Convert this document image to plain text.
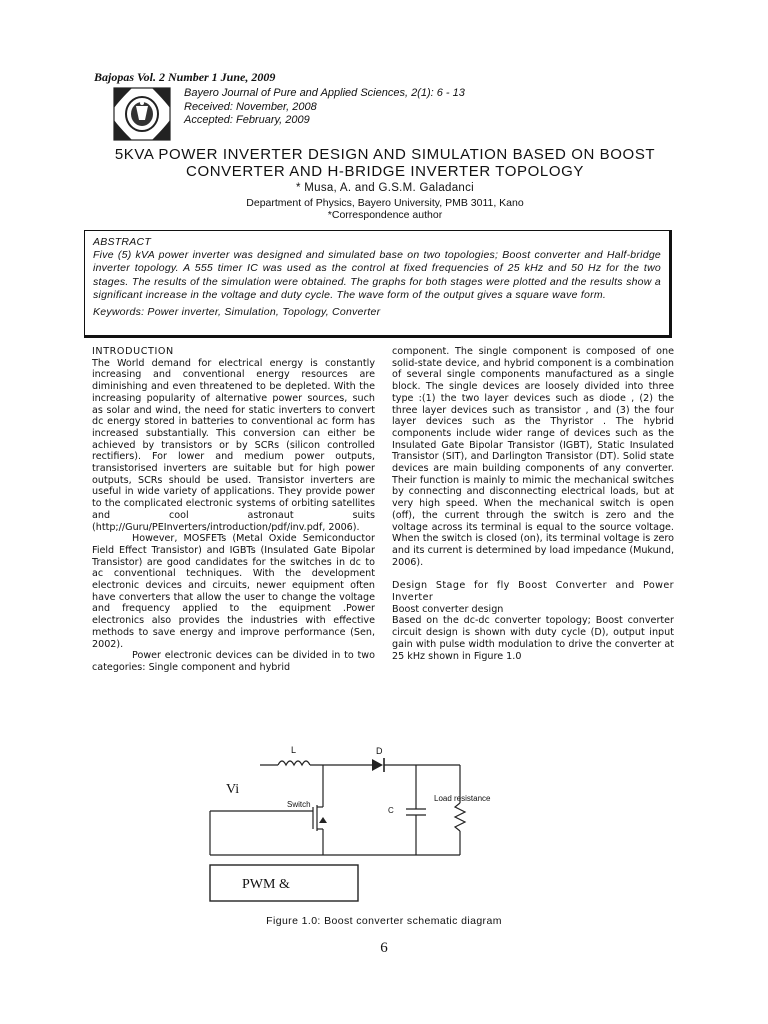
Bajopas Vol. 2 Number 1 June, 2009
Bayero Journal of Pure and Applied Sciences, 2(1): 6 - 13
Received: November, 2008
Accepted: February, 2009
5KVA POWER INVERTER DESIGN AND SIMULATION BASED ON BOOST
CONVERTER AND H-BRIDGE INVERTER TOPOLOGY
* Musa, A. and G.S.M. Galadanci
Department of Physics, Bayero University, PMB 3011, Kano
*Correspondence author

ABSTRACT

Five (5) kVA power inverter was designed and simulated base on two topologies; Boost converter and Half-bridge inverter topology. A 555 timer IC was used as the control at fixed frequencies of 25 kHz and 50 Hz for the two stages. The results of the simulation were obtained. The graphs for both stages were plotted and the results show a significant increase in the voltage and duty cycle. The wave form of the output gives a square wave form.

Keywords: Power inverter, Simulation, Topology, Converter

INTRODUCTION

The World demand for electrical energy is constantly increasing and conventional energy resources are diminishing and even threatened to be depleted. With the increasing popularity of alternative power sources, such as solar and wind, the need for static inverters to convert dc energy stored in batteries to conventional ac form has increased substantially. This conversion can either be achieved by transistors or by SCRs (silicon controlled rectifiers). For lower and medium power outputs, transistorised inverters are suitable but for high power outputs, SCRs should be used. Transistor inverters are useful in wide variety of applications. They provide power to the complicated electronic systems of orbiting satellites and cool astronaut suits (http;//Guru/PEInverters/introduction/pdf/inv.pdf, 2006).

However, MOSFETs (Metal Oxide Semiconductor Field Effect Transistor) and IGBTs (Insulated Gate Bipolar Transistor) are good candidates for the switches in dc to ac conventional techniques. With the development electronic devices and circuits, newer equipment often have converters that allow the user to change the voltage and frequency applied to the equipment .Power electronics also provides the industries with effective methods to save energy and improve performance (Sen, 2002).

Power electronic devices can be divided in to two categories: Single component and hybrid

component. The single component is composed of one solid-state device, and hybrid component is a combination of several single components manufactured as a single block. The single devices are loosely divided into three type :(1) the two layer devices such as diode , (2) the three layer devices such as transistor , and (3) the four layer devices such as the Thyristor . The hybrid components include wider range of devices such as the Insulated Gate Bipolar Transistor (IGBT), Static Insulated Transistor (SIT), and Darlington Transistor (DT). Solid state devices are main building components of any converter. Their function is mainly to mimic the mechanical switches by connecting and disconnecting electrical loads, but at very high speed. When the mechanical switch is open (off), the current through the switch is zero and the voltage across its terminal is equal to the source voltage. When the switch is closed (on), its terminal voltage is zero and its current is determined by load impedance (Mukund, 2006).

Design Stage for fly Boost Converter and Power Inverter

Boost converter design

Based on the dc-dc converter topology; Boost converter circuit design is shown with duty cycle (D), output input gain with pulse width modulation to drive the converter at 25 kHz shown in Figure 1.0

Vi
L	D
Switch
C
Load resistance
PWM &
Figure 1.0: Boost converter schematic diagram
6
